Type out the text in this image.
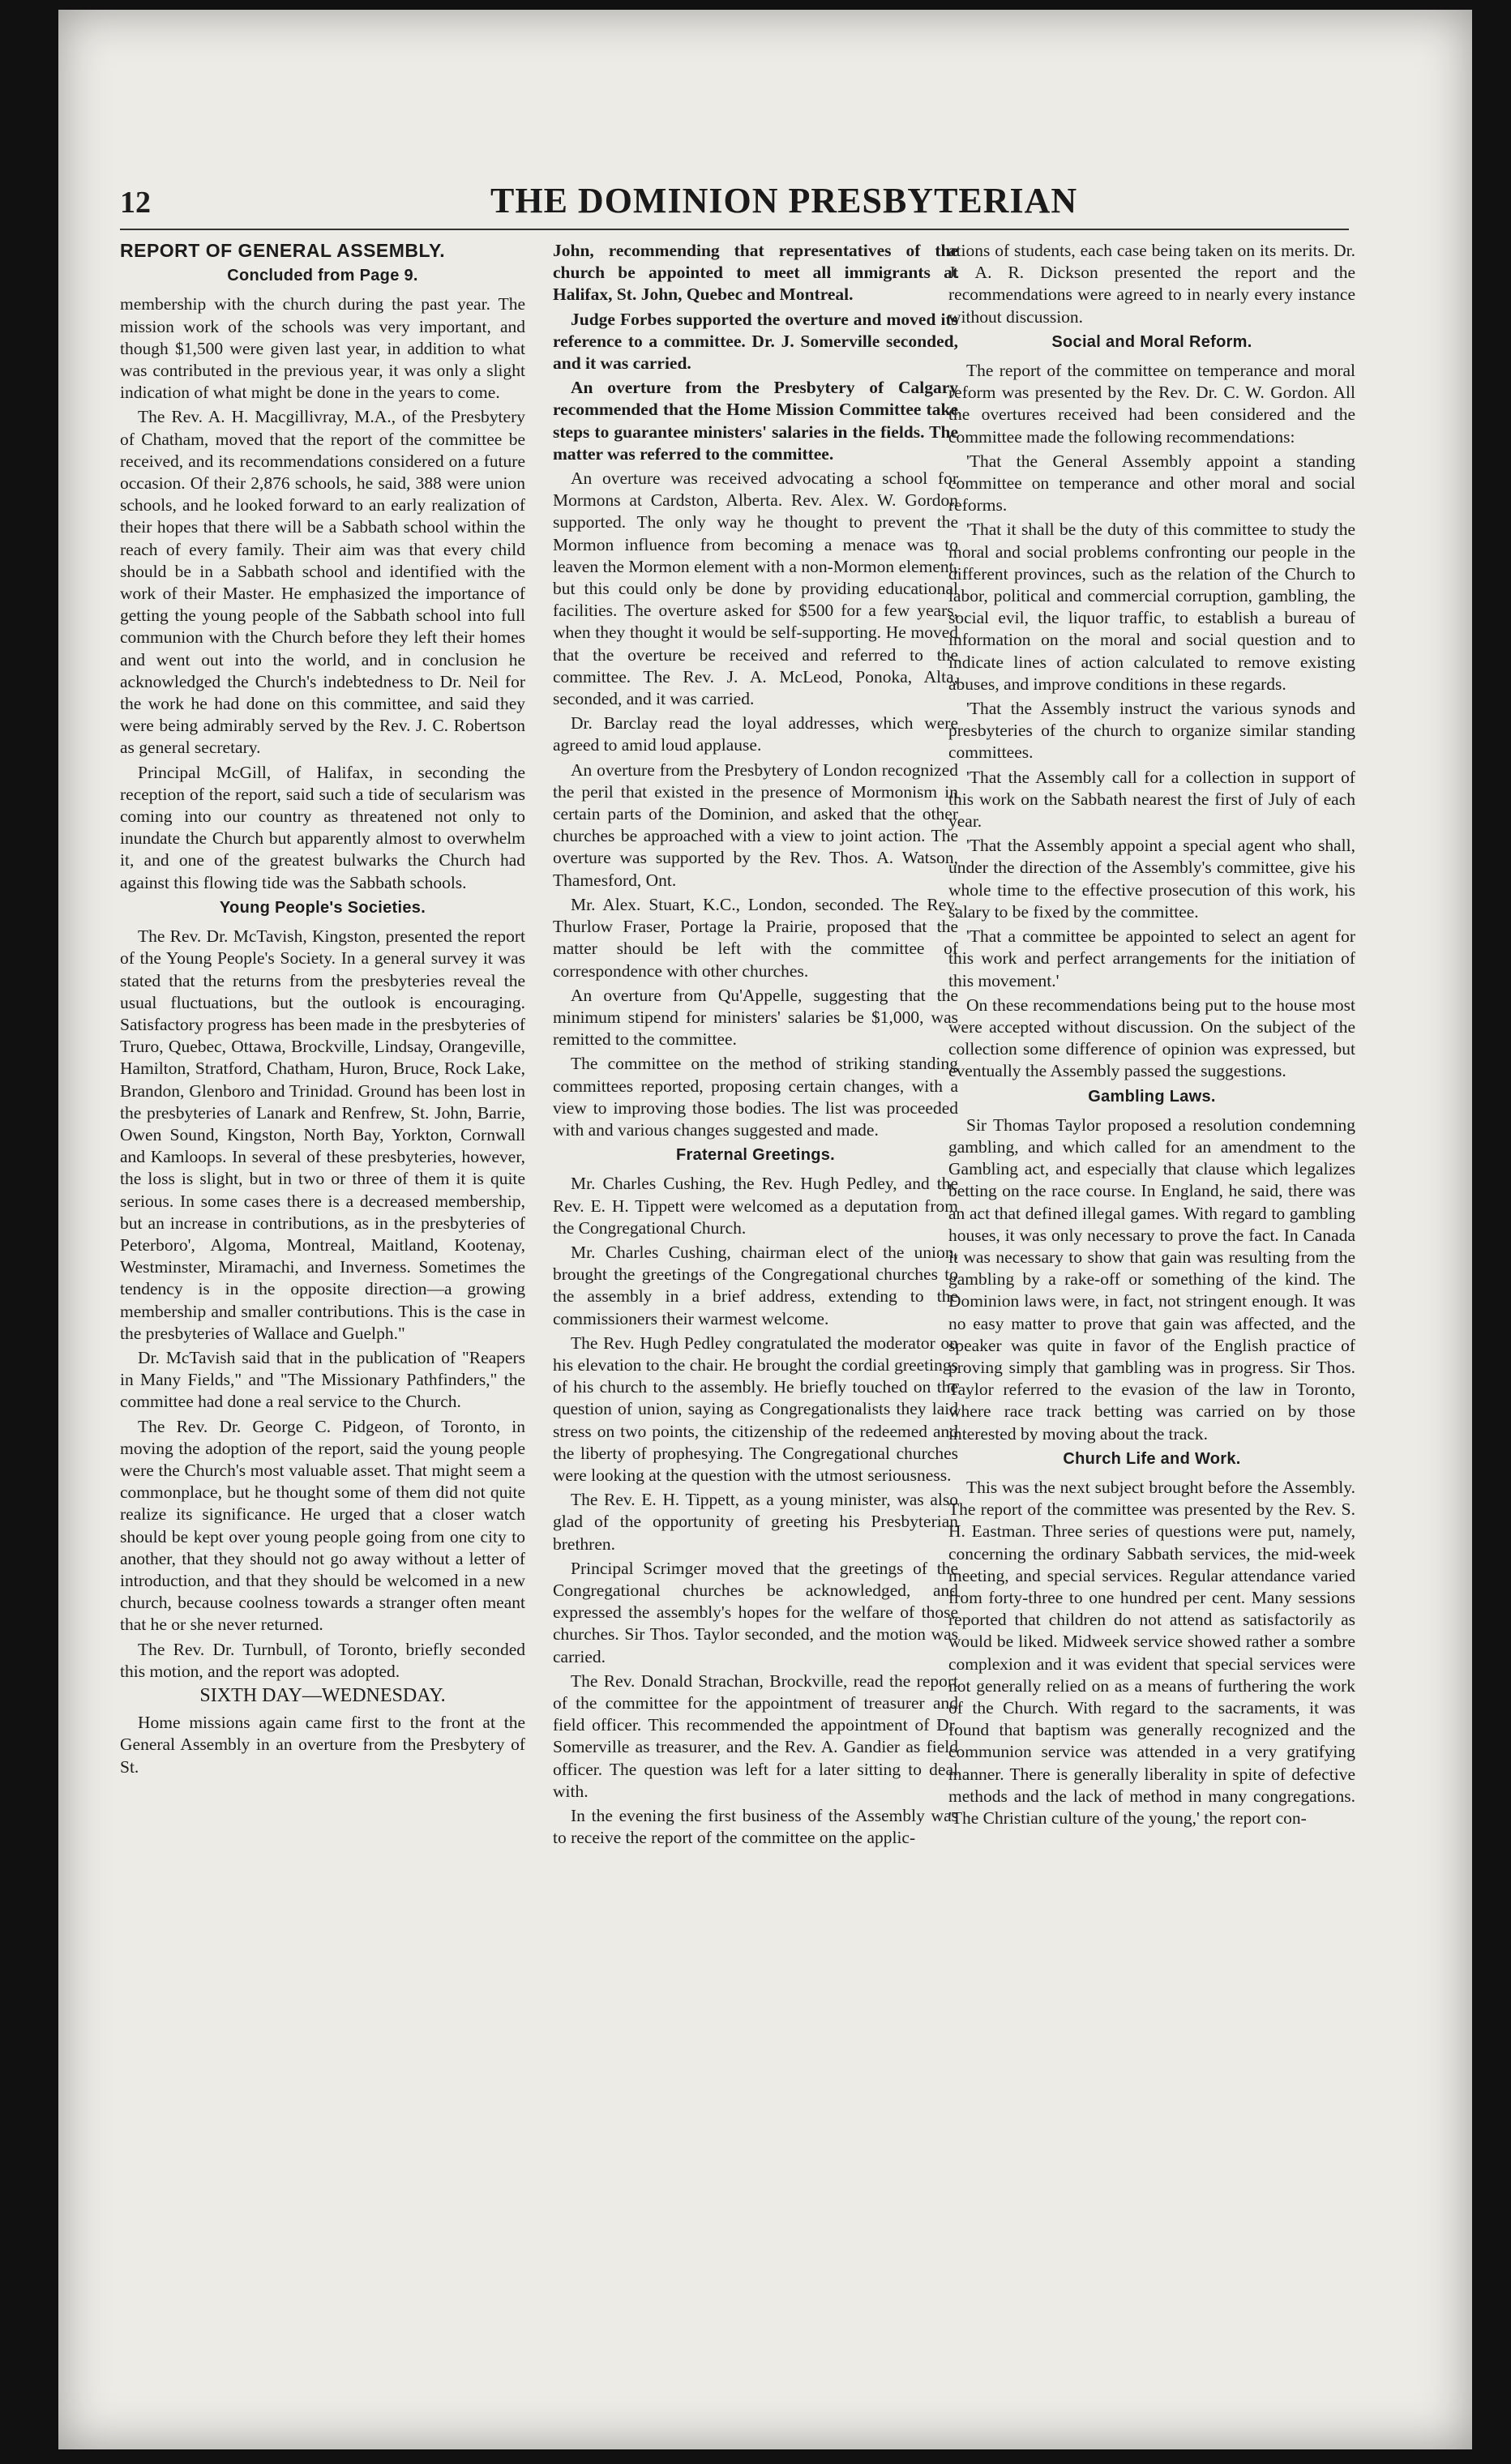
12	THE DOMINION PRESBYTERIAN

REPORT OF GENERAL ASSEMBLY.
Concluded from Page 9.

membership with the church during the past year. The mission work of the schools was very important, and though $1,500 were given last year, in addition to what was contributed in the previous year, it was only a slight indication of what might be done in the years to come.

The Rev. A. H. Macgillivray, M.A., of the Presbytery of Chatham, moved that the report of the committee be received, and its recommendations considered on a future occasion. Of their 2,876 schools, he said, 388 were union schools, and he looked forward to an early realization of their hopes that there will be a Sabbath school within the reach of every family. Their aim was that every child should be in a Sabbath school and identified with the work of their Master. He emphasized the importance of getting the young people of the Sabbath school into full communion with the Church before they left their homes and went out into the world, and in conclusion he acknowledged the Church's indebtedness to Dr. Neil for the work he had done on this committee, and said they were being admirably served by the Rev. J. C. Robertson as general secretary.

Principal McGill, of Halifax, in seconding the reception of the report, said such a tide of secularism was coming into our country as threatened not only to inundate the Church but apparently almost to overwhelm it, and one of the greatest bulwarks the Church had against this flowing tide was the Sabbath schools.

Young People's Societies.

The Rev. Dr. McTavish, Kingston, presented the report of the Young People's Society. In a general survey it was stated that the returns from the presbyteries reveal the usual fluctuations, but the outlook is encouraging. Satisfactory progress has been made in the presbyteries of Truro, Quebec, Ottawa, Brockville, Lindsay, Orangeville, Hamilton, Stratford, Chatham, Huron, Bruce, Rock Lake, Brandon, Glenboro and Trinidad. Ground has been lost in the presbyteries of Lanark and Renfrew, St. John, Barrie, Owen Sound, Kingston, North Bay, Yorkton, Cornwall and Kamloops. In several of these presbyteries, however, the loss is slight, but in two or three of them it is quite serious. In some cases there is a decreased membership, but an increase in contributions, as in the presbyteries of Peterboro', Algoma, Montreal, Maitland, Kootenay, Westminster, Miramachi, and Inverness. Sometimes the tendency is in the opposite direction—a growing membership and smaller contributions. This is the case in the presbyteries of Wallace and Guelph."

Dr. McTavish said that in the publication of "Reapers in Many Fields," and "The Missionary Pathfinders," the committee had done a real service to the Church.

The Rev. Dr. George C. Pidgeon, of Toronto, in moving the adoption of the report, said the young people were the Church's most valuable asset. That might seem a commonplace, but he thought some of them did not quite realize its significance. He urged that a closer watch should be kept over young people going from one city to another, that they should not go away without a letter of introduction, and that they should be welcomed in a new church, because coolness towards a stranger often meant that he or she never returned.

The Rev. Dr. Turnbull, of Toronto, briefly seconded this motion, and the report was adopted.

SIXTH DAY—WEDNESDAY.

Home missions again came first to the front at the General Assembly in an overture from the Presbytery of St.

John, recommending that representatives of the church be appointed to meet all immigrants at Halifax, St. John, Quebec and Montreal.

Judge Forbes supported the overture and moved its reference to a committee. Dr. J. Somerville seconded, and it was carried.

An overture from the Presbytery of Calgary recommended that the Home Mission Committee take steps to guarantee ministers' salaries in the fields. The matter was referred to the committee.

An overture was received advocating a school for Mormons at Cardston, Alberta. Rev. Alex. W. Gordon supported. The only way he thought to prevent the Mormon influence from becoming a menace was to leaven the Mormon element with a non-Mormon element, but this could only be done by providing educational facilities. The overture asked for $500 for a few years, when they thought it would be self-supporting. He moved that the overture be received and referred to the committee. The Rev. J. A. McLeod, Ponoka, Alta, seconded, and it was carried.

Dr. Barclay read the loyal addresses, which were agreed to amid loud applause.

An overture from the Presbytery of London recognized the peril that existed in the presence of Mormonism in certain parts of the Dominion, and asked that the other churches be approached with a view to joint action. The overture was supported by the Rev. Thos. A. Watson, Thamesford, Ont.

Mr. Alex. Stuart, K.C., London, seconded. The Rev. Thurlow Fraser, Portage la Prairie, proposed that the matter should be left with the committee of correspondence with other churches.

An overture from Qu'Appelle, suggesting that the minimum stipend for ministers' salaries be $1,000, was remitted to the committee.

The committee on the method of striking standing committees reported, proposing certain changes, with a view to improving those bodies. The list was proceeded with and various changes suggested and made.

Fraternal Greetings.

Mr. Charles Cushing, the Rev. Hugh Pedley, and the Rev. E. H. Tippett were welcomed as a deputation from the Congregational Church.

Mr. Charles Cushing, chairman elect of the union, brought the greetings of the Congregational churches to the assembly in a brief address, extending to the commissioners their warmest welcome.

The Rev. Hugh Pedley congratulated the moderator on his elevation to the chair. He brought the cordial greetings of his church to the assembly. He briefly touched on the question of union, saying as Congregationalists they laid stress on two points, the citizenship of the redeemed and the liberty of prophesying. The Congregational churches were looking at the question with the utmost seriousness.

The Rev. E. H. Tippett, as a young minister, was also glad of the opportunity of greeting his Presbyterian brethren.

Principal Scrimger moved that the greetings of the Congregational churches be acknowledged, and expressed the assembly's hopes for the welfare of those churches. Sir Thos. Taylor seconded, and the motion was carried.

The Rev. Donald Strachan, Brockville, read the report of the committee for the appointment of treasurer and field officer. This recommended the appointment of Dr. Somerville as treasurer, and the Rev. A. Gandier as field officer. The question was left for a later sitting to deal with.

In the evening the first business of the Assembly was to receive the report of the committee on the applic-

ations of students, each case being taken on its merits. Dr. J. A. R. Dickson presented the report and the recommendations were agreed to in nearly every instance without discussion.

Social and Moral Reform.

The report of the committee on temperance and moral reform was presented by the Rev. Dr. C. W. Gordon. All the overtures received had been considered and the committee made the following recommendations:

'That the General Assembly appoint a standing committee on temperance and other moral and social reforms.

'That it shall be the duty of this committee to study the moral and social problems confronting our people in the different provinces, such as the relation of the Church to labor, political and commercial corruption, gambling, the social evil, the liquor traffic, to establish a bureau of information on the moral and social question and to indicate lines of action calculated to remove existing abuses, and improve conditions in these regards.

'That the Assembly instruct the various synods and presbyteries of the church to organize similar standing committees.

'That the Assembly call for a collection in support of this work on the Sabbath nearest the first of July of each year.

'That the Assembly appoint a special agent who shall, under the direction of the Assembly's committee, give his whole time to the effective prosecution of this work, his salary to be fixed by the committee.

'That a committee be appointed to select an agent for this work and perfect arrangements for the initiation of this movement.'

On these recommendations being put to the house most were accepted without discussion. On the subject of the collection some difference of opinion was expressed, but eventually the Assembly passed the suggestions.

Gambling Laws.

Sir Thomas Taylor proposed a resolution condemning gambling, and which called for an amendment to the Gambling act, and especially that clause which legalizes betting on the race course. In England, he said, there was an act that defined illegal games. With regard to gambling houses, it was only necessary to prove the fact. In Canada it was necessary to show that gain was resulting from the gambling by a rake-off or something of the kind. The Dominion laws were, in fact, not stringent enough. It was no easy matter to prove that gain was affected, and the speaker was quite in favor of the English practice of proving simply that gambling was in progress. Sir Thos. Taylor referred to the evasion of the law in Toronto, where race track betting was carried on by those interested by moving about the track.

Church Life and Work.

This was the next subject brought before the Assembly. The report of the committee was presented by the Rev. S. H. Eastman. Three series of questions were put, namely, concerning the ordinary Sabbath services, the mid-week meeting, and special services. Regular attendance varied from forty-three to one hundred per cent. Many sessions reported that children do not attend as satisfactorily as would be liked. Midweek service showed rather a sombre complexion and it was evident that special services were not generally relied on as a means of furthering the work of the Church. With regard to the sacraments, it was found that baptism was generally recognized and the communion service was attended in a very gratifying manner. There is generally liberality in spite of defective methods and the lack of method in many congregations. 'The Christian culture of the young,' the report con-
